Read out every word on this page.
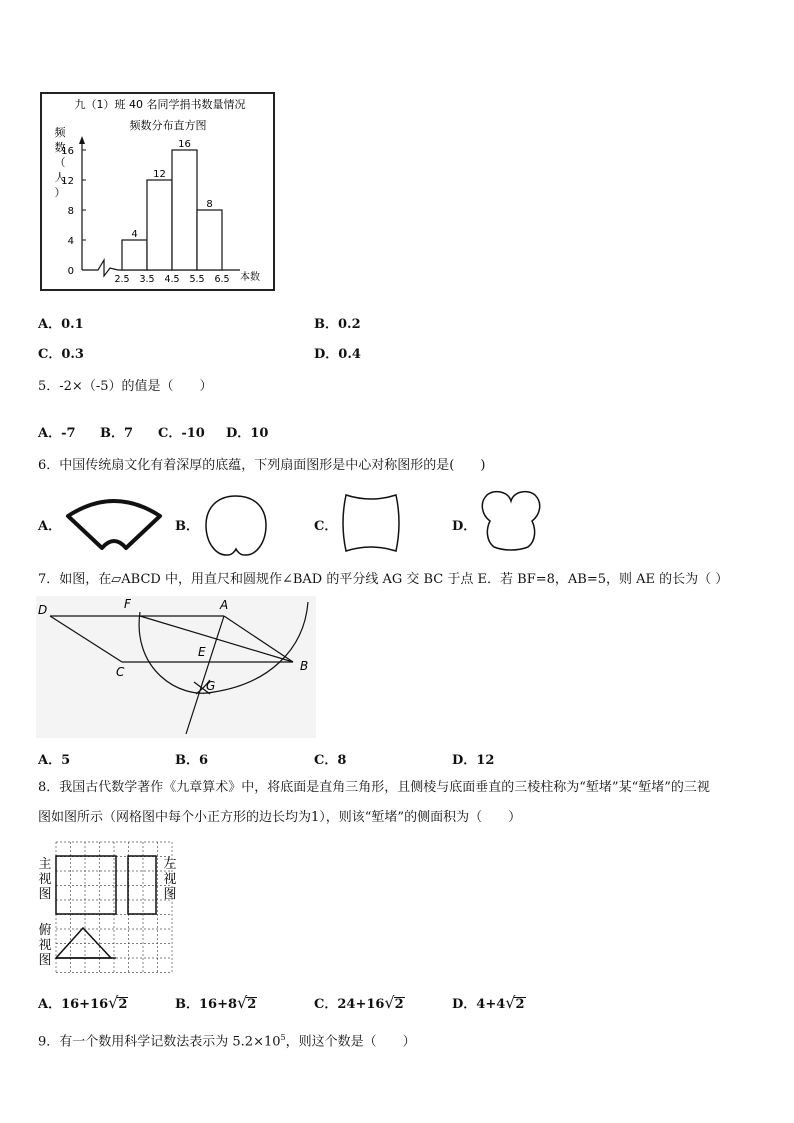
九（1）班 40 名同学捐书数量情况
频数分布直方图
频
数
（
人
）
0
4
8
12
16
2.5 3.5 4.5 5.5 6.5
4
12
16
8
本数
A．0.1	B．0.2
C．0.3	D．0.4
5．-2×（-5）的值是（　　）
A．-7 B．7 C．-10 D．10
6．中国传统扇文化有着深厚的底蕴，下列扇面图形是中心对称图形的是(　　)
A．	B．	C．	D．
7．如图，在▱ABCD 中，用直尺和圆规作∠BAD 的平分线 AG 交 BC 于点 E．若 BF=8，AB=5，则 AE 的长为（ ）
D	F	A
E
B
C
G
A．5	B．6	C．8	D．12
8．我国古代数学著作《九章算术》中，将底面是直角三角形，且侧棱与底面垂直的三棱柱称为“堑堵”某“堑堵”的三视
图如图所示（网格图中每个小正方形的边长均为1），则该“堑堵”的侧面积为（　　）
主
视
图
左
视
图
俯
视
图
A．16+16√2	B．16+8√2	C．24+16√2	D．4+4√2
9．有一个数用科学记数法表示为 $5.2\times 10^5$，则这个数是（　　）
